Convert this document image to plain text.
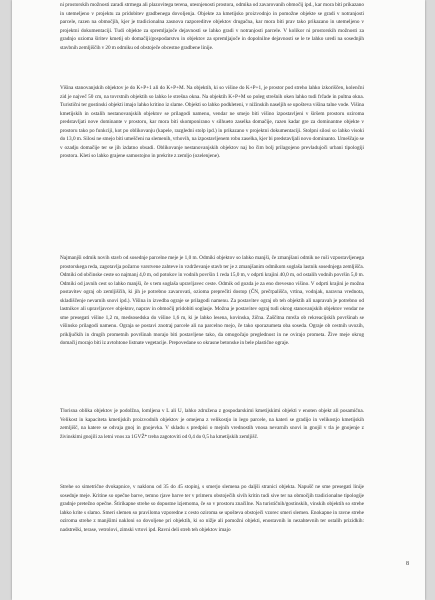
ni prostorskih možnosti zaradi strmega ali plazovitega terena, utesnjenosti prostora, odmika od zavarovanih območij ipd., kar mora biti prikazano in utemeljeno v projektu za pridobitev gradbenega dovoljenja. Objekte za kmetijsko proizvodnjo in pomožne objekte se gradi v notranjosti parcele, razen na območjih, kjer je tradicionalna zasnova razporeditve objektov drugačna, kar mora biti prav tako prikazano in utemeljeno v projektni dokumentaciji. Tudi objekte za spremljajoče dejavnosti se lahko gradi v notranjosti parcele. V kolikor ni prostorskih možnosti za gradnjo ozioma širitev kmetij ob domačiji/gospodarstvu in objektov za spremljajoče in dopolnilne dejavnosti se le te lahko uredi na sosednjih stavbnih zemljiščih v 20 m odmiku od obstoječe obcestne gradbene linije.

Višina stanovanjskih objektov je do K+P+1 ali do K+P+M. Na objektih, ki so višine do K+P+1, je prostor pod streho lahko izkoriščen, kolenčni zid je največ 50 cm, na tovrstnih objektih so lahko le strešna okna. Na objektih K+P+M so poleg strešnih oken lahko tudi frčade in pultna okna. Turistični ter gostinski objekti imajo lahko kritino iz slame. Objekti so lahko podkleteni, v nižinskih naseljih se upošteva višina talne vode. Višina kmetijskih in ostalih nestanovanjskih objektov se prilagodi namenu, vendar ne smejo biti višino izpostavljeni v širšem prostoru oziroma predstavljati nove dominante v prostoru, kar mora biti skomponirano v silhueto zaselka domačije, razen kadar gre za dominantne objekte v prostoru tako po funkciji, kot po oblikovanju (kapele, razgledni stolp ipd.) in prikazano v projektni dokumentaciji. Stolpni silosi so lahko visoki do 13,0 m. Silosi ne smejo biti umeščeni na slemenih, vrhovih, na izpostavljenem robu zaselka, kjer bi predstavljali novo dominanto. Umeščajo se v ozadju domačije ter se jih izdatno obsadi. Oblikovanje nestanovanjskih objektov naj bo čim bolj prilagojeno prevladujoči urbani tipologiji prostora. Kleti so lahko grajene samostojno in prekrite z zemljo (ozelenjene).

Najmanjši odmik novih stavb od sosednje parcelne meje je 1,0 m. Odmiki objektov so lahko manjši, če zmanjšani odmik ne ruši vzpostavljenega prostorskega reda, zagotavlja požarno varstvene zahteve in vzdrževanje stavb ter je z zmanjšanim odmikom soglaša lastnik sosednjega zemljišča. Odmiki od občinske ceste so najmanj 4,0 m, od potokov in vodnih površin 1 reda 15,0 m, v odprti krajini 40,0 m, od ostalih vodnih površin 5,0 m. Odmiki od javnih cest so lahko manjši, če s tem soglaša upravljavec ceste. Odmik od gozda je za eno drevesno višino. V odprti krajini je možna postavitev ograj ob zemljiščih, ki jih je potrebno zavarovati, ozioma preprečiti dostop (ČN, prečrpališča, vrtina, vodnjak, naravna vrednota, skladiščenje nevarnih snovi ipd.). Višina in izvedba ograje se prilagodi namenu. Za postavitev ograj ob teh objektih ali napravah je potrebno od lastnikov ali upravljavcev objektov, naprav in območij pridobiti soglasje. Možna je postavitev ograj tudi okrog stanovanjskih objektov vendar ne sme presegati višine 1,2 m, medsosedska do višine 1,6 m, ki je lahko lesena, kovinska, žična. Zaščitna mreža ob rekreacijskih površinah se višinsko prilagodi namenu. Ograja se postavi znotraj parcele ali na parcelno mejo, če tako sporazumeta oba soseda. Ograje ob cestnih uvozih, priključkih in drugih prometnih površinah morajo biti postavljene tako, da omogočajo preglednost in ne ovirajo prometa. Žive meje okrog domačij morajo biti iz avtohtone listnate vegetacije. Prepovedane so okrasne betonske in bele plastične ograje.

Tlorisna oblika objektov je podolžna, lomljena v L ali U, lahko združena z gospodarskimi kmetijskimi objekti v enoten objekt ali posamična. Velikost in kapaciteta kmetijskih proizvodnih objektov je omejena z velikostjo in lego parcele, na kateri se gradijo in velikostjo kmetijskih zemljišč, na katere se odvaja gnoj in gnojevka. V skladu s predpisi o mejnih vrednostih vnosa nevarnih snovi in gnojil v tla je gnojenje z živinskimi gnojili za letni vnos za 1GVŽ* treba zagotoviti od 0,4 do 0,5 ha kmetijskih zemljišč.

Strehe so simetrične dvokapnice, v naklonu od 35 do 45 stopinj, s smerjo slemena po daljši stranici objekta. Napušč ne sme presegati linije sosednje meje. Kritine so opečne barve, temno rjave barve ter v primeru obstoječih sivih kritin tudi sive ter na območjih tradicionalne tipologije gradnje pretežno opečne. Štirikapne strehe so dopustne izjemoma, če so v prostoru značilne. Na turističnih/gostinskih, vinskih objektih so strehe lahko krite s slamo. Smeri slemen so praviloma vzporedne z cesto oziroma se upošteva obstoječi vzorec smeri slemen. Enokapne in ravne strehe oziroma strehe z manjšimi nakloni so dovoljene pri objektih, ki so nižje ali pomožni objekti, enostavnih in nezahtevnih ter ostalih prizidkih: nadstreški, terase, vetrolovi, zimski vrtovi ipd. Ravni deli streh teh objektov imajo

8
